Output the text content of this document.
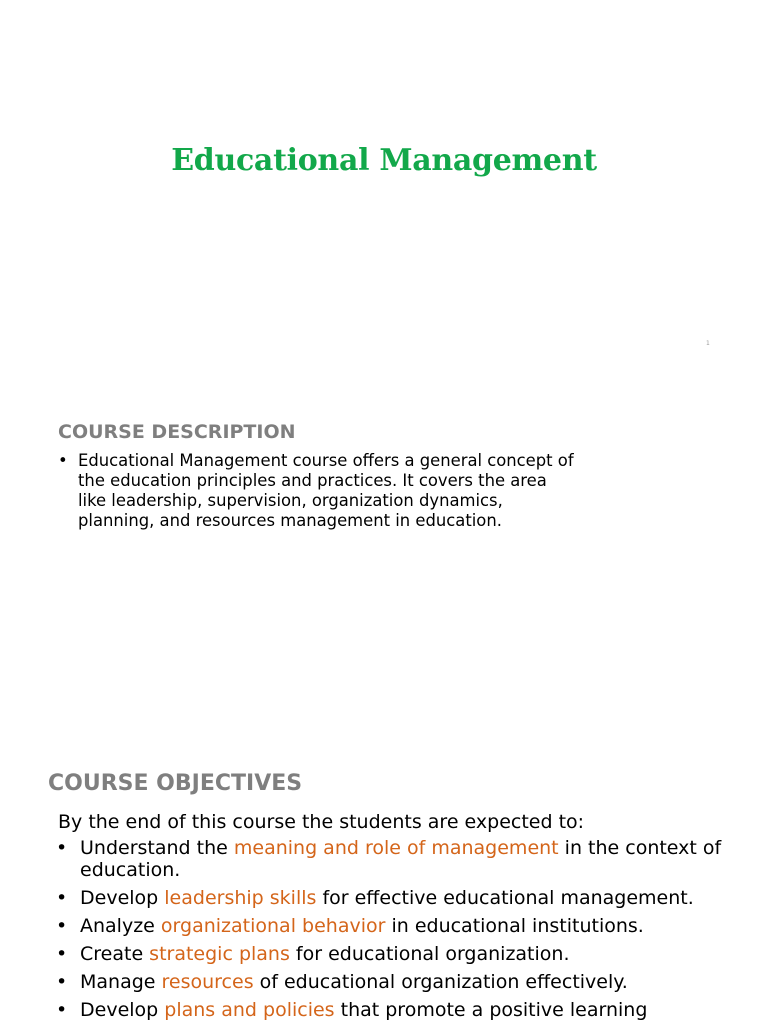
Educational Management
1
COURSE DESCRIPTION
• Educational Management course offers a general concept of the education principles and practices. It covers the area like leadership, supervision, organization dynamics, planning, and resources management in education.
COURSE OBJECTIVES
By the end of this course the students are expected to:
• Understand the meaning and role of management in the context of education.
• Develop leadership skills for effective educational management.
• Analyze organizational behavior in educational institutions.
• Create strategic plans for educational organization.
• Manage resources of educational organization effectively.
• Develop plans and policies that promote a positive learning
